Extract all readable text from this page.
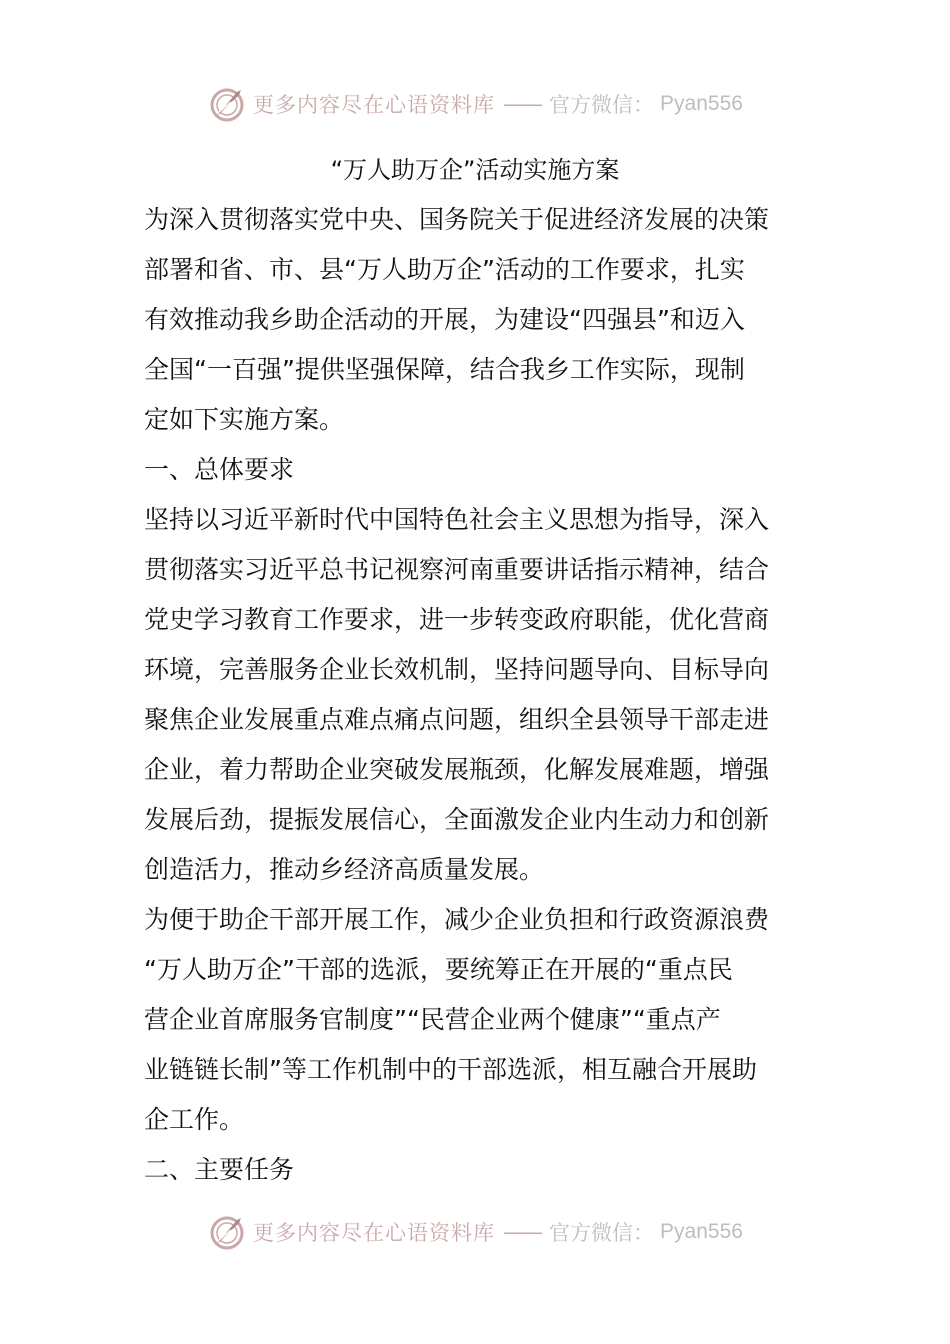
更多内容尽在心语资料库 —— 官方微信： Pyan556
“万人助万企”活动实施方案
为深入贯彻落实党中央、国务院关于促进经济发展的决策
部署和省、市、县“万人助万企”活动的工作要求，扎实
有效推动我乡助企活动的开展，为建设“四强县”和迈入
全国“一百强”提供坚强保障，结合我乡工作实际，现制
定如下实施方案。
一、总体要求
坚持以习近平新时代中国特色社会主义思想为指导，深入
贯彻落实习近平总书记视察河南重要讲话指示精神，结合
党史学习教育工作要求，进一步转变政府职能，优化营商
环境，完善服务企业长效机制，坚持问题导向、目标导向
聚焦企业发展重点难点痛点问题，组织全县领导干部走进
企业，着力帮助企业突破发展瓶颈，化解发展难题，增强
发展后劲，提振发展信心，全面激发企业内生动力和创新
创造活力，推动乡经济高质量发展。
为便于助企干部开展工作，减少企业负担和行政资源浪费
“万人助万企”干部的选派，要统筹正在开展的“重点民
营企业首席服务官制度”“民营企业两个健康”“重点产
业链链长制”等工作机制中的干部选派，相互融合开展助
企工作。
二、主要任务
更多内容尽在心语资料库 —— 官方微信： Pyan556
